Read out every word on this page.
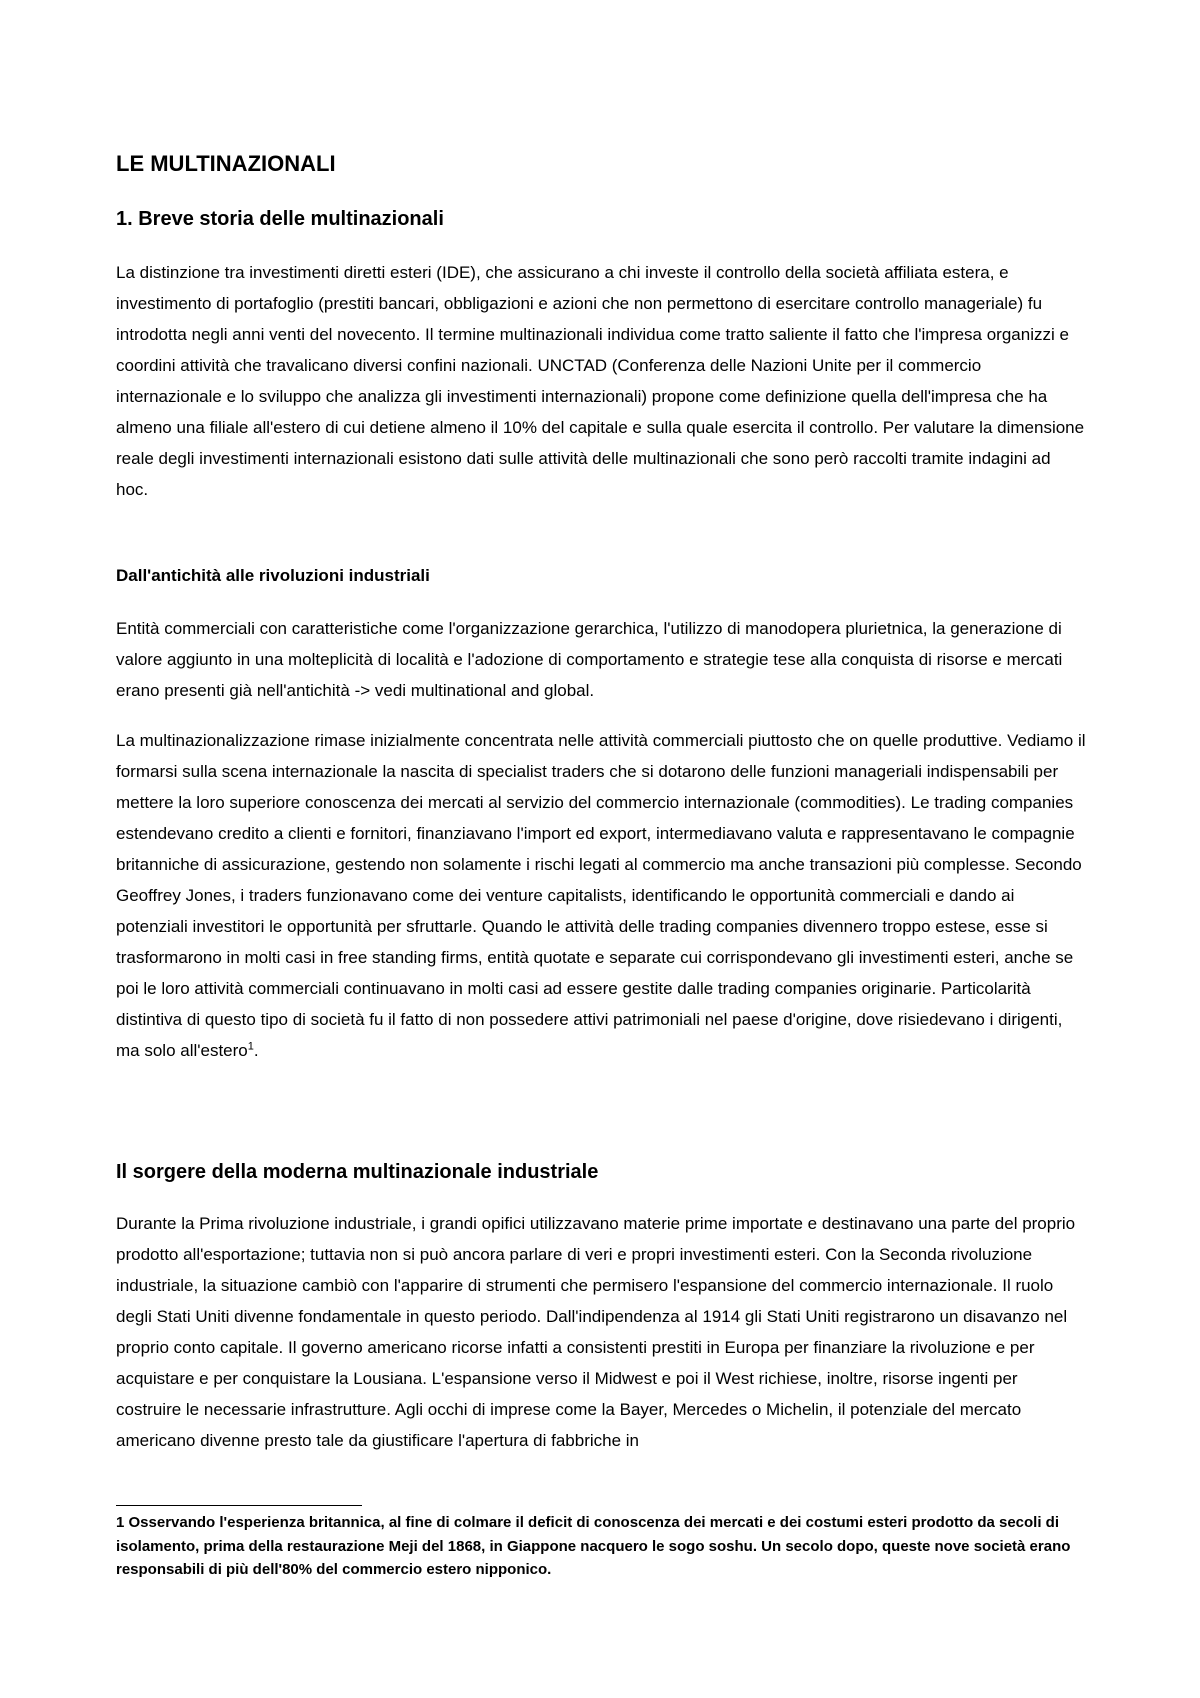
LE MULTINAZIONALI
1. Breve storia delle multinazionali

La distinzione tra investimenti diretti esteri (IDE), che assicurano a chi investe il controllo della società affiliata estera, e investimento di portafoglio (prestiti bancari, obbligazioni e azioni che non permettono di esercitare controllo manageriale) fu introdotta negli anni venti del novecento. Il termine multinazionali individua come tratto saliente il fatto che l'impresa organizzi e coordini attività che travalicano diversi confini nazionali. UNCTAD (Conferenza delle Nazioni Unite per il commercio internazionale e lo sviluppo che analizza gli investimenti internazionali) propone come definizione quella dell'impresa che ha almeno una filiale all'estero di cui detiene almeno il 10% del capitale e sulla quale esercita il controllo. Per valutare la dimensione reale degli investimenti internazionali esistono dati sulle attività delle multinazionali che sono però raccolti tramite indagini ad hoc.

Dall'antichità alle rivoluzioni industriali

Entità commerciali con caratteristiche come l'organizzazione gerarchica, l'utilizzo di manodopera plurietnica, la generazione di valore aggiunto in una molteplicità di località e l'adozione di comportamento e strategie tese alla conquista di risorse e mercati erano presenti già nell'antichità -> vedi multinational and global.

La multinazionalizzazione rimase inizialmente concentrata nelle attività commerciali piuttosto che on quelle produttive. Vediamo il formarsi sulla scena internazionale la nascita di specialist traders che si dotarono delle funzioni manageriali indispensabili per mettere la loro superiore conoscenza dei mercati al servizio del commercio internazionale (commodities). Le trading companies estendevano credito a clienti e fornitori, finanziavano l'import ed export, intermediavano valuta e rappresentavano le compagnie britanniche di assicurazione, gestendo non solamente i rischi legati al commercio ma anche transazioni più complesse. Secondo Geoffrey Jones, i traders funzionavano come dei venture capitalists, identificando le opportunità commerciali e dando ai potenziali investitori le opportunità per sfruttarle. Quando le attività delle trading companies divennero troppo estese, esse si trasformarono in molti casi in free standing firms, entità quotate e separate cui corrispondevano gli investimenti esteri, anche se poi le loro attività commerciali continuavano in molti casi ad essere gestite dalle trading companies originarie. Particolarità distintiva di questo tipo di società fu il fatto di non possedere attivi patrimoniali nel paese d'origine, dove risiedevano i dirigenti, ma solo all'estero$^1$.

Il sorgere della moderna multinazionale industriale

Durante la Prima rivoluzione industriale, i grandi opifici utilizzavano materie prime importate e destinavano una parte del proprio prodotto all'esportazione; tuttavia non si può ancora parlare di veri e propri investimenti esteri. Con la Seconda rivoluzione industriale, la situazione cambiò con l'apparire di strumenti che permisero l'espansione del commercio internazionale. Il ruolo degli Stati Uniti divenne fondamentale in questo periodo. Dall'indipendenza al 1914 gli Stati Uniti registrarono un disavanzo nel proprio conto capitale. Il governo americano ricorse infatti a consistenti prestiti in Europa per finanziare la rivoluzione e per acquistare e per conquistare la Lousiana. L'espansione verso il Midwest e poi il West richiese, inoltre, risorse ingenti per costruire le necessarie infrastrutture. Agli occhi di imprese come la Bayer, Mercedes o Michelin, il potenziale del mercato americano divenne presto tale da giustificare l'apertura di fabbriche in

1 Osservando l'esperienza britannica, al fine di colmare il deficit di conoscenza dei mercati e dei costumi esteri prodotto da secoli di isolamento, prima della restaurazione Meji del 1868, in Giappone nacquero le sogo soshu. Un secolo dopo, queste nove società erano responsabili di più dell'80% del commercio estero nipponico.
